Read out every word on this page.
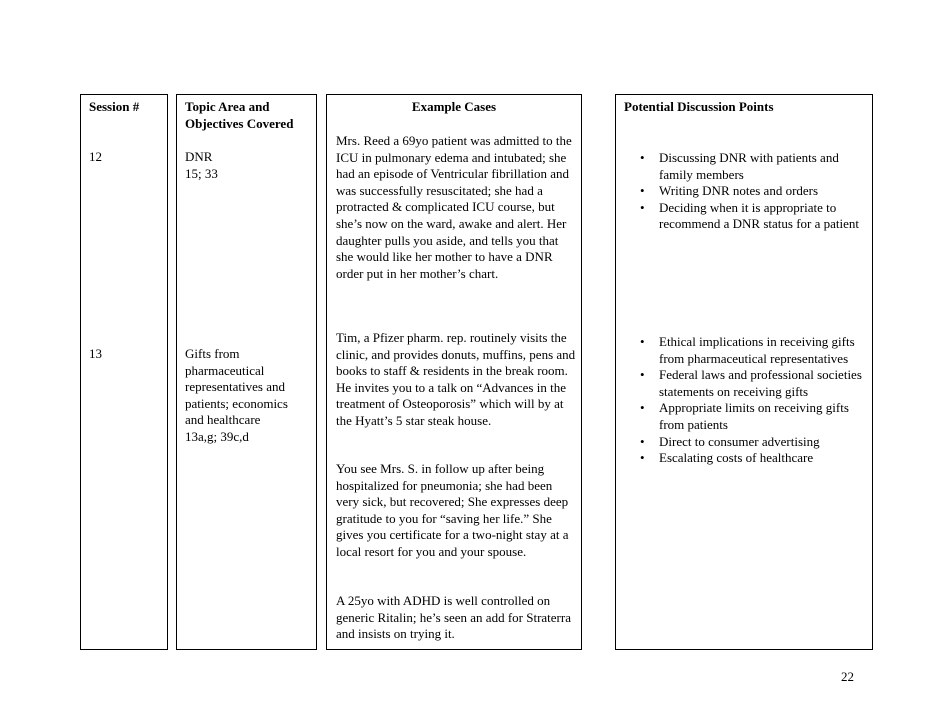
Session #
12
13
Topic Area and Objectives Covered
DNR
15; 33
Gifts from pharmaceutical representatives and patients; economics and healthcare
13a,g; 39c,d
Example Cases

Mrs. Reed a 69yo patient was admitted to the ICU in pulmonary edema and intubated; she had an episode of Ventricular fibrillation and was successfully resuscitated; she had a protracted & complicated ICU course, but she’s now on the ward, awake and alert. Her daughter pulls you aside, and tells you that she would like her mother to have a DNR order put in her mother’s chart.

Tim, a Pfizer pharm. rep. routinely visits the clinic, and provides donuts, muffins, pens and books to staff & residents in the break room. He invites you to a talk on “Advances in the treatment of Osteoporosis” which will by at the Hyatt’s 5 star steak house.

You see Mrs. S. in follow up after being hospitalized for pneumonia; she had been very sick, but recovered; She expresses deep gratitude to you for “saving her life.” She gives you certificate for a two-night stay at a local resort for you and your spouse.

A 25yo with ADHD is well controlled on generic Ritalin; he’s seen an add for Straterra and insists on trying it.

Potential Discussion Points
• Discussing DNR with patients and family members
• Writing DNR notes and orders
• Deciding when it is appropriate to recommend a DNR status for a patient
• Ethical implications in receiving gifts from pharmaceutical representatives
• Federal laws and professional societies statements on receiving gifts
• Appropriate limits on receiving gifts from patients
• Direct to consumer advertising
• Escalating costs of healthcare
22
